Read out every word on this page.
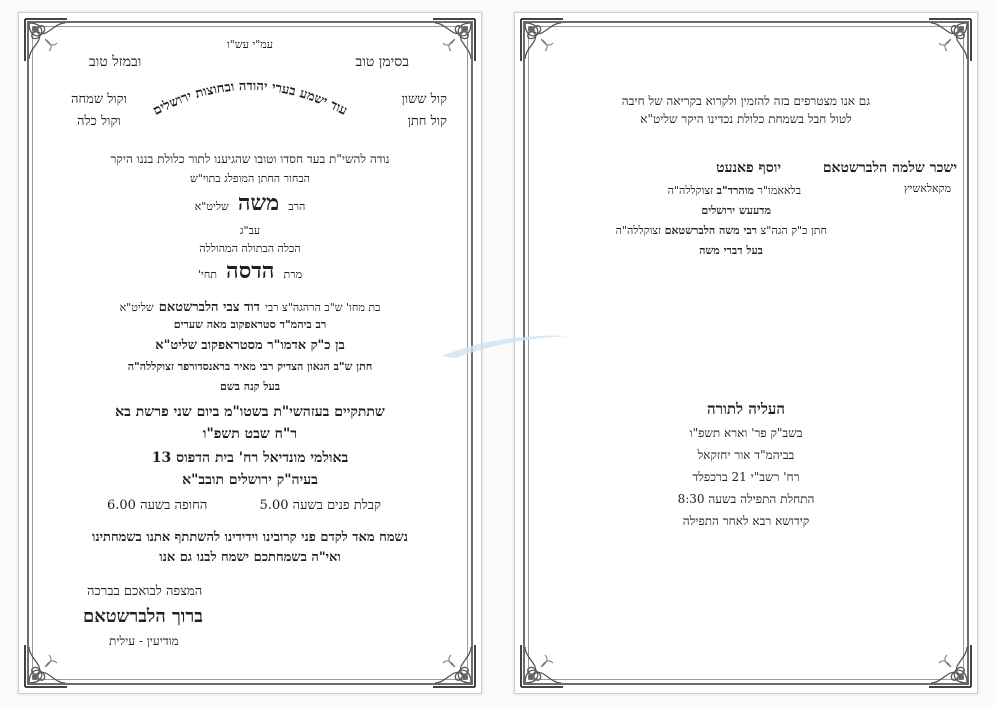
עמ"י עש"ו
בסימן טוב
ובמזל טוב
עוד ישמע בערי יהודה ובחוצות ירושלים
קול ששון
קול חתן
וקול שמחה
וקול כלה
נודה להשי"ת בעד חסדו וטובו שהגיענו לתור כלולת בננו היקר
הבחור החתן המופלג בתוי"ש
הרב משה שליט"א
עב"ג
הכלה הבתולה המהוללה
מרת הדסה תחי'
בת מחו' ש"ב הרהגה"צ רבי דוד צבי הלברשטאם שליט"א
רב ביהמ"ד סטראפקוב מאה שערים
בן כ"ק אדמו"ר מסטראפקוב שליט"א
חתן ש"ב הגאון הצדיק רבי מאיר בראנסדורפר זצוקללה"ה
בעל קנה בשם
שתתקיים בעזהשי"ת בשטו"מ ביום שני פרשת בא
ר"ח שבט תשפ"ו
באולמי מונדיאל רח' בית הדפוס 13
בעיה"ק ירושלים תובב"א
קבלת פנים בשעה 5.00
החופה בשעה 6.00
נשמח מאד לקדם פני קרובינו וידידינו להשתתף אתנו בשמחתינו
ואי"ה בשמחתכם ישמח לבנו גם אנו
המצפה לבואכם בברכה
ברוך הלברשטאם
מודיעין - עילית
גם אנו מצטרפים בזה להזמין ולקרוא בקריאה של חיבה
לטול חבל בשמחת כלולת נכדינו היקר שליט"א
ישכר שלמה הלברשטאם
מקאלאשיץ
יוסף פאנעט
בלאאמו"ר מוהרד"ב זצוקללה"ה
מדעעש ירושלים
חתן כ"ק הגה"צ רבי משה הלברשטאם זצוקללה"ה
בעל דברי משה
העליה לתורה
בשב"ק פר' וארא תשפ"ו
בביהמ"ד אור יחזקאל
רח' רשב"י 21 ברכפלד
התחלת התפילה בשעה 8:30
קידושא רבא לאחר התפילה
